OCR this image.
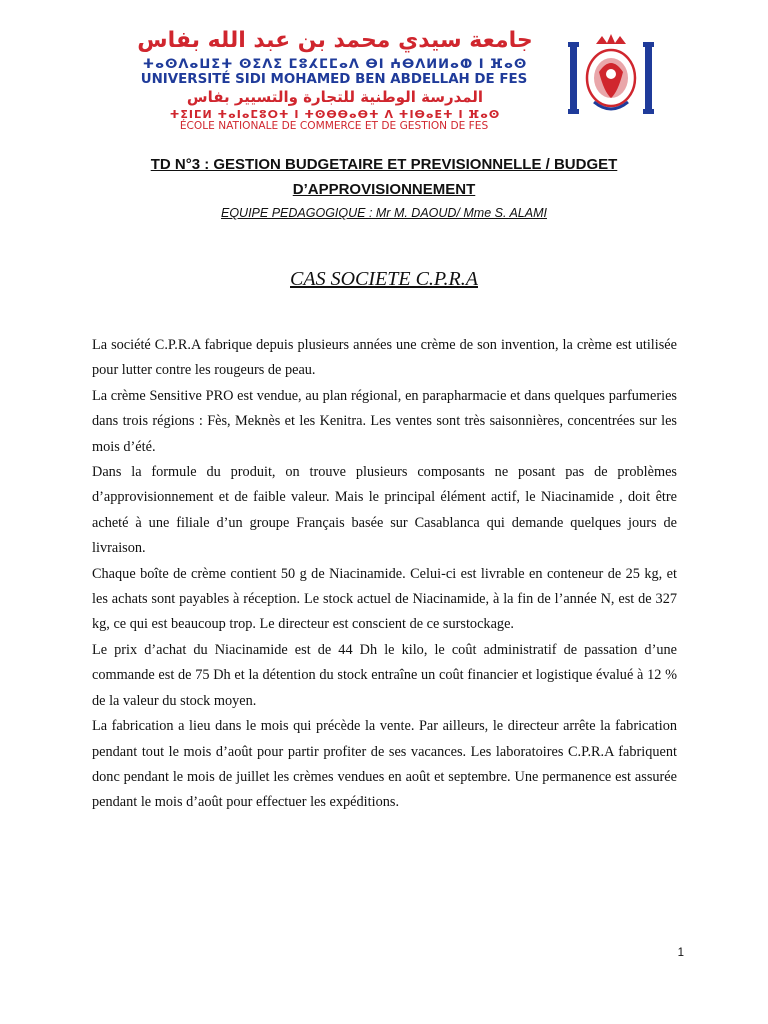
جامعة سيدي محمد بن عبد الله بفاس
ⵜⴰⵙⴷⴰⵡⵉⵜ ⵙⵉⴷⵉ ⵎⵓⵃⵎⵎⴰⴷ ⴱⵏ ⵄⴱⴷⵍⵍⴰⵀ ⵏ ⴼⴰⵙ
UNIVERSITÉ SIDI MOHAMED BEN ABDELLAH DE FES
المدرسة الوطنية للتجارة والتسيير بفاس
ⵜⵉⵏⵎⵍ ⵜⴰⵏⴰⵎⵓⵔⵜ ⵏ ⵜⵙⴱⴱⴰⴱⵜ ⴷ ⵜⵏⴱⴰⴹⵜ ⵏ ⴼⴰⵙ
ÉCOLE NATIONALE DE COMMERCE ET DE GESTION DE FES
TD N°3 : GESTION BUDGETAIRE ET PREVISIONNELLE / BUDGET
D’APPROVISIONNEMENT
EQUIPE PEDAGOGIQUE : Mr M. DAOUD/ Mme S. ALAMI
CAS SOCIETE C.P.R.A

La société C.P.R.A fabrique depuis plusieurs années une crème de son invention, la crème est utilisée pour lutter contre les rougeurs de peau.

La crème Sensitive PRO est vendue, au plan régional, en parapharmacie et dans quelques parfumeries dans trois régions : Fès, Meknès et les Kenitra. Les ventes sont très saisonnières, concentrées sur les mois d’été.

Dans la formule du produit, on trouve plusieurs composants ne posant pas de problèmes d’approvisionnement et de faible valeur. Mais le principal élément actif, le Niacinamide , doit être acheté à une filiale d’un groupe Français basée sur Casablanca qui demande quelques jours de livraison.

Chaque boîte de crème contient 50 g de Niacinamide. Celui-ci est livrable en conteneur de 25 kg, et les achats sont payables à réception. Le stock actuel de Niacinamide, à la fin de l’année N, est de 327 kg, ce qui est beaucoup trop. Le directeur est conscient de ce surstockage.

Le prix d’achat du Niacinamide est de 44 Dh le kilo, le coût administratif de passation d’une commande est de 75 Dh et la détention du stock entraîne un coût financier et logistique évalué à 12 % de la valeur du stock moyen.

La fabrication a lieu dans le mois qui précède la vente. Par ailleurs, le directeur arrête la fabrication pendant tout le mois d’août pour partir profiter de ses vacances. Les laboratoires C.P.R.A fabriquent donc pendant le mois de juillet les crèmes vendues en août et septembre. Une permanence est assurée pendant le mois d’août pour effectuer les expéditions.

1
